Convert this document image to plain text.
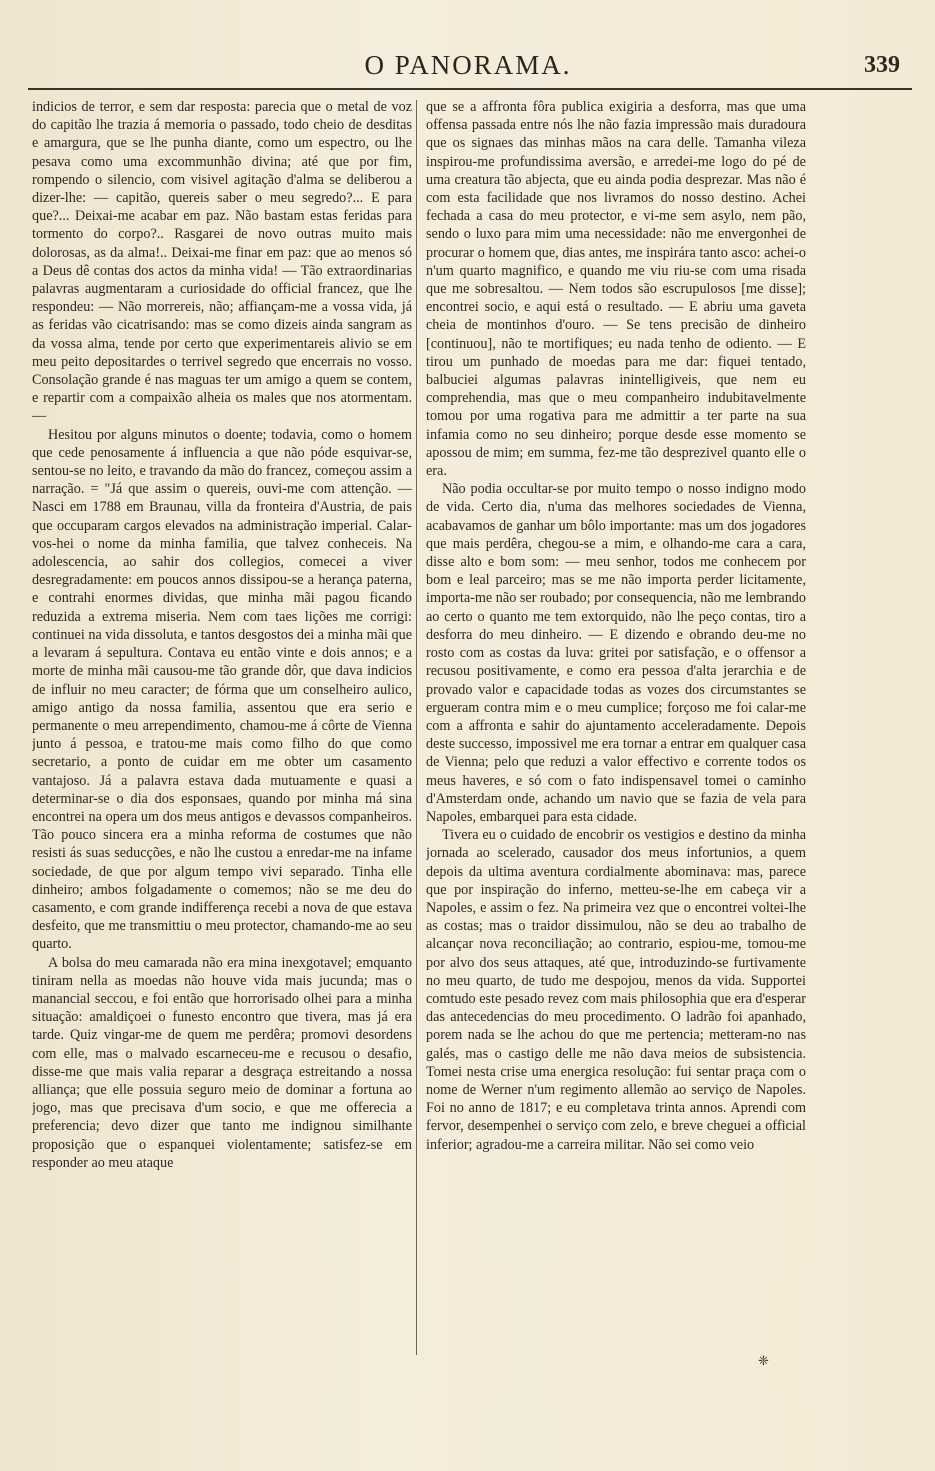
O PANORAMA.	339

indicios de terror, e sem dar resposta: parecia que o metal de voz do capitão lhe trazia á memoria o passado, todo cheio de desditas e amargura, que se lhe punha diante, como um espectro, ou lhe pesava como uma excommunhão divina; até que por fim, rompendo o silencio, com visivel agitação d'alma se deliberou a dizer-lhe: — capitão, quereis saber o meu segredo?... E para que?... Deixai-me acabar em paz. Não bastam estas feridas para tormento do corpo?.. Rasgarei de novo outras muito mais dolorosas, as da alma!.. Deixai-me finar em paz: que ao menos só a Deus dê contas dos actos da minha vida! — Tão extraordinarias palavras augmentaram a curiosidade do official francez, que lhe respondeu: — Não morrereis, não; affiançam-me a vossa vida, já as feridas vão cicatrisando: mas se como dizeis ainda sangram as da vossa alma, tende por certo que experimentareis alivio se em meu peito depositardes o terrivel segredo que encerrais no vosso. Consolação grande é nas maguas ter um amigo a quem se contem, e repartir com a compaixão alheia os males que nos atormentam. —

Hesitou por alguns minutos o doente; todavia, como o homem que cede penosamente á influencia a que não póde esquivar-se, sentou-se no leito, e travando da mão do francez, começou assim a narração. = "Já que assim o quereis, ouvi-me com attenção. — Nasci em 1788 em Braunau, villa da fronteira d'Austria, de pais que occuparam cargos elevados na administração imperial. Calar-vos-hei o nome da minha familia, que talvez conheceis. Na adolescencia, ao sahir dos collegios, comecei a viver desregradamente: em poucos annos dissipou-se a herança paterna, e contrahi enormes dividas, que minha mãi pagou ficando reduzida a extrema miseria. Nem com taes lições me corrigi: continuei na vida dissoluta, e tantos desgostos dei a minha mãi que a levaram á sepultura. Contava eu então vinte e dois annos; e a morte de minha mãi causou-me tão grande dôr, que dava indicios de influir no meu caracter; de fórma que um conselheiro aulico, amigo antigo da nossa familia, assentou que era serio e permanente o meu arrependimento, chamou-me á côrte de Vienna junto á pessoa, e tratou-me mais como filho do que como secretario, a ponto de cuidar em me obter um casamento vantajoso. Já a palavra estava dada mutuamente e quasi a determinar-se o dia dos esponsaes, quando por minha má sina encontrei na opera um dos meus antigos e devassos companheiros. Tão pouco sincera era a minha reforma de costumes que não resisti ás suas seducções, e não lhe custou a enredar-me na infame sociedade, de que por algum tempo vivi separado. Tinha elle dinheiro; ambos folgadamente o comemos; não se me deu do casamento, e com grande indifferença recebi a nova de que estava desfeito, que me transmittiu o meu protector, chamando-me ao seu quarto.

A bolsa do meu camarada não era mina inexgotavel; emquanto tiniram nella as moedas não houve vida mais jucunda; mas o manancial seccou, e foi então que horrorisado olhei para a minha situação: amaldiçoei o funesto encontro que tivera, mas já era tarde. Quiz vingar-me de quem me perdêra; promovi desordens com elle, mas o malvado escarneceu-me e recusou o desafio, disse-me que mais valia reparar a desgraça estreitando a nossa alliança; que elle possuia seguro meio de dominar a fortuna ao jogo, mas que precisava d'um socio, e que me offerecia a preferencia; devo dizer que tanto me indignou similhante proposição que o espanquei violentamente; satisfez-se em responder ao meu ataque

que se a affronta fôra publica exigiria a desforra, mas que uma offensa passada entre nós lhe não fazia impressão mais duradoura que os signaes das minhas mãos na cara delle. Tamanha vileza inspirou-me profundissima aversão, e arredei-me logo do pé de uma creatura tão abjecta, que eu ainda podia desprezar. Mas não é com esta facilidade que nos livramos do nosso destino. Achei fechada a casa do meu protector, e vi-me sem asylo, nem pão, sendo o luxo para mim uma necessidade: não me envergonhei de procurar o homem que, dias antes, me inspirára tanto asco: achei-o n'um quarto magnifico, e quando me viu riu-se com uma risada que me sobresaltou. — Nem todos são escrupulosos [me disse]; encontrei socio, e aqui está o resultado. — E abriu uma gaveta cheia de montinhos d'ouro. — Se tens precisão de dinheiro [continuou], não te mortifiques; eu nada tenho de odiento. — E tirou um punhado de moedas para me dar: fiquei tentado, balbuciei algumas palavras inintelligiveis, que nem eu comprehendia, mas que o meu companheiro indubitavelmente tomou por uma rogativa para me admittir a ter parte na sua infamia como no seu dinheiro; porque desde esse momento se apossou de mim; em summa, fez-me tão desprezivel quanto elle o era.

Não podia occultar-se por muito tempo o nosso indigno modo de vida. Certo dia, n'uma das melhores sociedades de Vienna, acabavamos de ganhar um bôlo importante: mas um dos jogadores que mais perdêra, chegou-se a mim, e olhando-me cara a cara, disse alto e bom som: — meu senhor, todos me conhecem por bom e leal parceiro; mas se me não importa perder licitamente, importa-me não ser roubado; por consequencia, não me lembrando ao certo o quanto me tem extorquido, não lhe peço contas, tiro a desforra do meu dinheiro. — E dizendo e obrando deu-me no rosto com as costas da luva: gritei por satisfação, e o offensor a recusou positivamente, e como era pessoa d'alta jerarchia e de provado valor e capacidade todas as vozes dos circumstantes se ergueram contra mim e o meu cumplice; forçoso me foi calar-me com a affronta e sahir do ajuntamento acceleradamente. Depois deste successo, impossivel me era tornar a entrar em qualquer casa de Vienna; pelo que reduzi a valor effectivo e corrente todos os meus haveres, e só com o fato indispensavel tomei o caminho d'Amsterdam onde, achando um navio que se fazia de vela para Napoles, embarquei para esta cidade.

Tivera eu o cuidado de encobrir os vestigios e destino da minha jornada ao scelerado, causador dos meus infortunios, a quem depois da ultima aventura cordialmente abominava: mas, parece que por inspiração do inferno, metteu-se-lhe em cabeça vir a Napoles, e assim o fez. Na primeira vez que o encontrei voltei-lhe as costas; mas o traidor dissimulou, não se deu ao trabalho de alcançar nova reconciliação; ao contrario, espiou-me, tomou-me por alvo dos seus attaques, até que, introduzindo-se furtivamente no meu quarto, de tudo me despojou, menos da vida. Supportei comtudo este pesado revez com mais philosophia que era d'esperar das antecedencias do meu procedimento. O ladrão foi apanhado, porem nada se lhe achou do que me pertencia; metteram-no nas galés, mas o castigo delle me não dava meios de subsistencia. Tomei nesta crise uma energica resolução: fui sentar praça com o nome de Werner n'um regimento allemão ao serviço de Napoles. Foi no anno de 1817; e eu completava trinta annos. Aprendi com fervor, desempenhei o serviço com zelo, e breve cheguei a official inferior; agradou-me a carreira militar. Não sei como veio

❈
